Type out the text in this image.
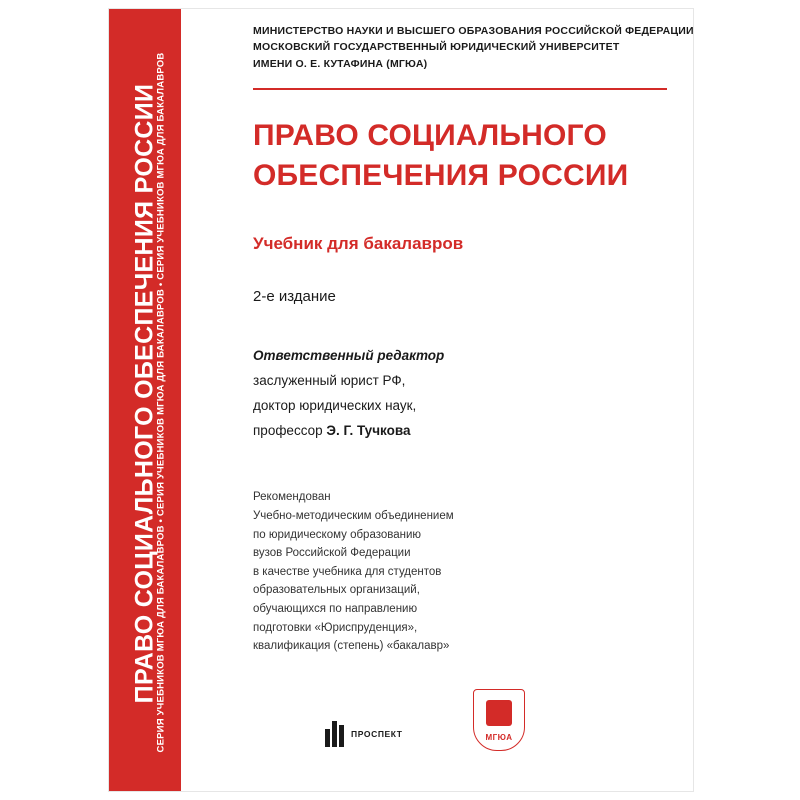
ПРАВО СОЦИАЛЬНОГО ОБЕСПЕЧЕНИЯ РОССИИ
СЕРИЯ УЧЕБНИКОВ МГЮА ДЛЯ БАКАЛАВРОВ • СЕРИЯ УЧЕБНИКОВ МГЮА ДЛЯ БАКАЛАВРОВ • СЕРИЯ УЧЕБНИКОВ МГЮА ДЛЯ БАКАЛАВРОВ
МИНИСТЕРСТВО НАУКИ И ВЫСШЕГО ОБРАЗОВАНИЯ РОССИЙСКОЙ ФЕДЕРАЦИИ
МОСКОВСКИЙ ГОСУДАРСТВЕННЫЙ ЮРИДИЧЕСКИЙ УНИВЕРСИТЕТ
ИМЕНИ О. Е. КУТАФИНА (МГЮА)
ПРАВО СОЦИАЛЬНОГО ОБЕСПЕЧЕНИЯ РОССИИ
Учебник для бакалавров
2-е издание
Ответственный редактор
заслуженный юрист РФ,
доктор юридических наук,
профессор Э. Г. Тучкова
Рекомендован
Учебно-методическим объединением
по юридическому образованию
вузов Российской Федерации
в качестве учебника для студентов
образовательных организаций,
обучающихся по направлению
подготовки «Юриспруденция»,
квалификация (степень) «бакалавр»
ПРОСПЕКТ	МГЮА
